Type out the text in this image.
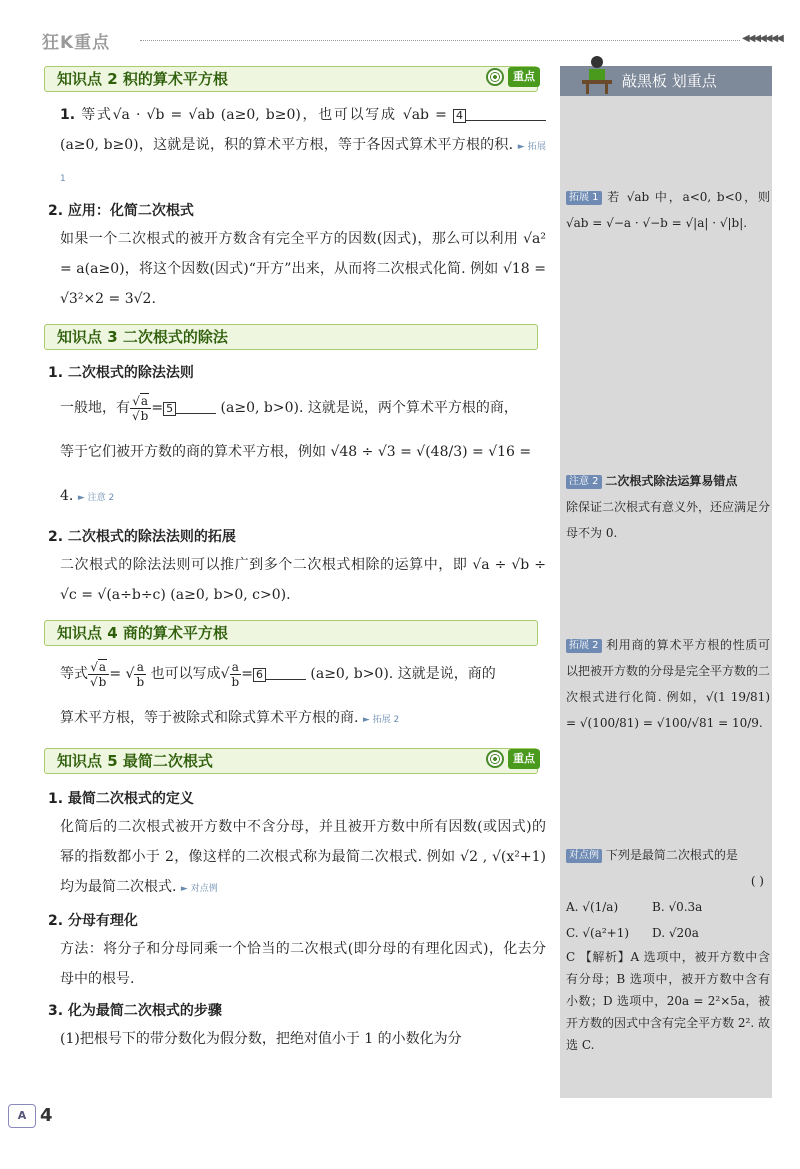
狂K重点	◀◀◀◀◀◀◀
知识点 2 积的算术平方根	重点
1. 等式√a · √b = √ab (a≥0, b≥0)，也可以写成 √ab = 4 (a≥0, b≥0)，这就是说，积的算术平方根，等于各因式算术平方根的积. ► 拓展 1
2. 应用：化简二次根式
如果一个二次根式的被开方数含有完全平方的因数(因式)，那么可以利用 √a² = a(a≥0)，将这个因数(因式)“开方”出来，从而将二次根式化简. 例如 √18 = √3²×2 = 3√2.
知识点 3 二次根式的除法
1. 二次根式的除法法则
一般地，有 $\frac{√a}{√b} = 5$	(a≥0, b>0). 这就是说，两个算术平方根的商，
等于它们被开方数的商的算术平方根，例如 √48 ÷ √3 = √(48/3) = √16 =
4. ► 注意 2
2. 二次根式的除法法则的拓展
二次根式的除法法则可以推广到多个二次根式相除的运算中，即 √a ÷ √b ÷ √c = √(a÷b÷c) (a≥0, b>0, c>0).
知识点 4 商的算术平方根
等式 $\frac{√a}{√b}$ = √ $\frac{a}{b}$ 也可以写成√ $\frac{a}{b} = 6$	(a≥0, b>0). 这就是说，商的
算术平方根，等于被除式和除式算术平方根的商. ► 拓展 2
知识点 5 最简二次根式	重点
1. 最简二次根式的定义
化简后的二次根式被开方数中不含分母，并且被开方数中所有因数(或因式)的幂的指数都小于 2，像这样的二次根式称为最简二次根式. 例如 √2 , √(x²+1) 均为最简二次根式. ► 对点例
2. 分母有理化
方法：将分子和分母同乘一个恰当的二次根式(即分母的有理化因式)，化去分母中的根号.
3. 化为最简二次根式的步骤
(1)把根号下的带分数化为假分数，把绝对值小于 1 的小数化为分
A 4
敲黑板 划重点
拓展 1 若 √ab 中，a<0, b<0，则 √ab = √−a · √−b = √|a| · √|b|.
注意 2 二次根式除法运算易错点
除保证二次根式有意义外，还应满足分母不为 0.
拓展 2 利用商的算术平方根的性质可以把被开方数的分母是完全平方数的二次根式进行化简. 例如，√(1 19/81) = √(100/81) = √100/√81 = 10/9.
对点例 下列是最简二次根式的是
( )
A. √(1/a)	B. √0.3a
C. √(a²+1)	D. √20a
C 【解析】A 选项中，被开方数中含有分母；B 选项中，被开方数中含有小数；D 选项中，20a = 2²×5a，被开方数的因式中含有完全平方数 2². 故选 C.
